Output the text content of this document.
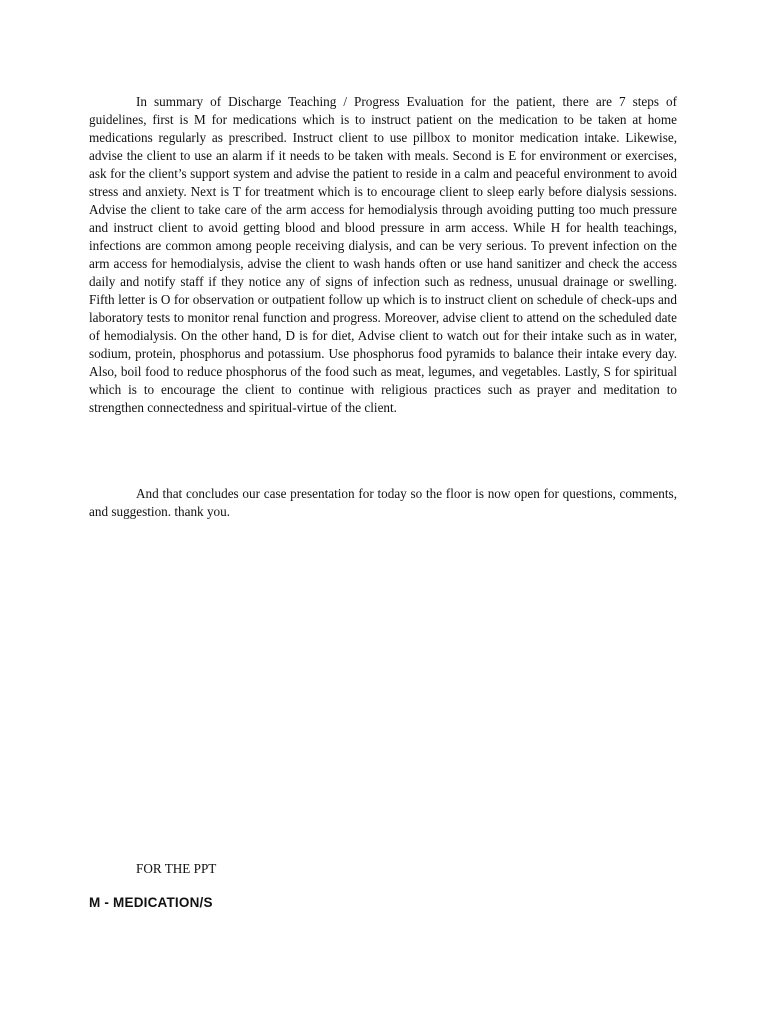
In summary of Discharge Teaching / Progress Evaluation for the patient, there are 7 steps of guidelines, first is M for medications which is to instruct patient on the medication to be taken at home medications regularly as prescribed. Instruct client to use pillbox to monitor medication intake. Likewise, advise the client to use an alarm if it needs to be taken with meals. Second is E for environment or exercises, ask for the client’s support system and advise the patient to reside in a calm and peaceful environment to avoid stress and anxiety. Next is T for treatment which is to encourage client to sleep early before dialysis sessions. Advise the client to take care of the arm access for hemodialysis through avoiding putting too much pressure and instruct client to avoid getting blood and blood pressure in arm access. While H for health teachings, infections are common among people receiving dialysis, and can be very serious. To prevent infection on the arm access for hemodialysis, advise the client to wash hands often or use hand sanitizer and check the access daily and notify staff if they notice any of signs of infection such as redness, unusual drainage or swelling. Fifth letter is O for observation or outpatient follow up which is to instruct client on schedule of check-ups and laboratory tests to monitor renal function and progress. Moreover, advise client to attend on the scheduled date of hemodialysis. On the other hand, D is for diet, Advise client to watch out for their intake such as in water, sodium, protein, phosphorus and potassium. Use phosphorus food pyramids to balance their intake every day. Also, boil food to reduce phosphorus of the food such as meat, legumes, and vegetables. Lastly, S for spiritual which is to encourage the client to continue with religious practices such as prayer and meditation to strengthen connectedness and spiritual-virtue of the client.

And that concludes our case presentation for today so the floor is now open for questions, comments, and suggestion. thank you.

FOR THE PPT

M - MEDICATION/S
